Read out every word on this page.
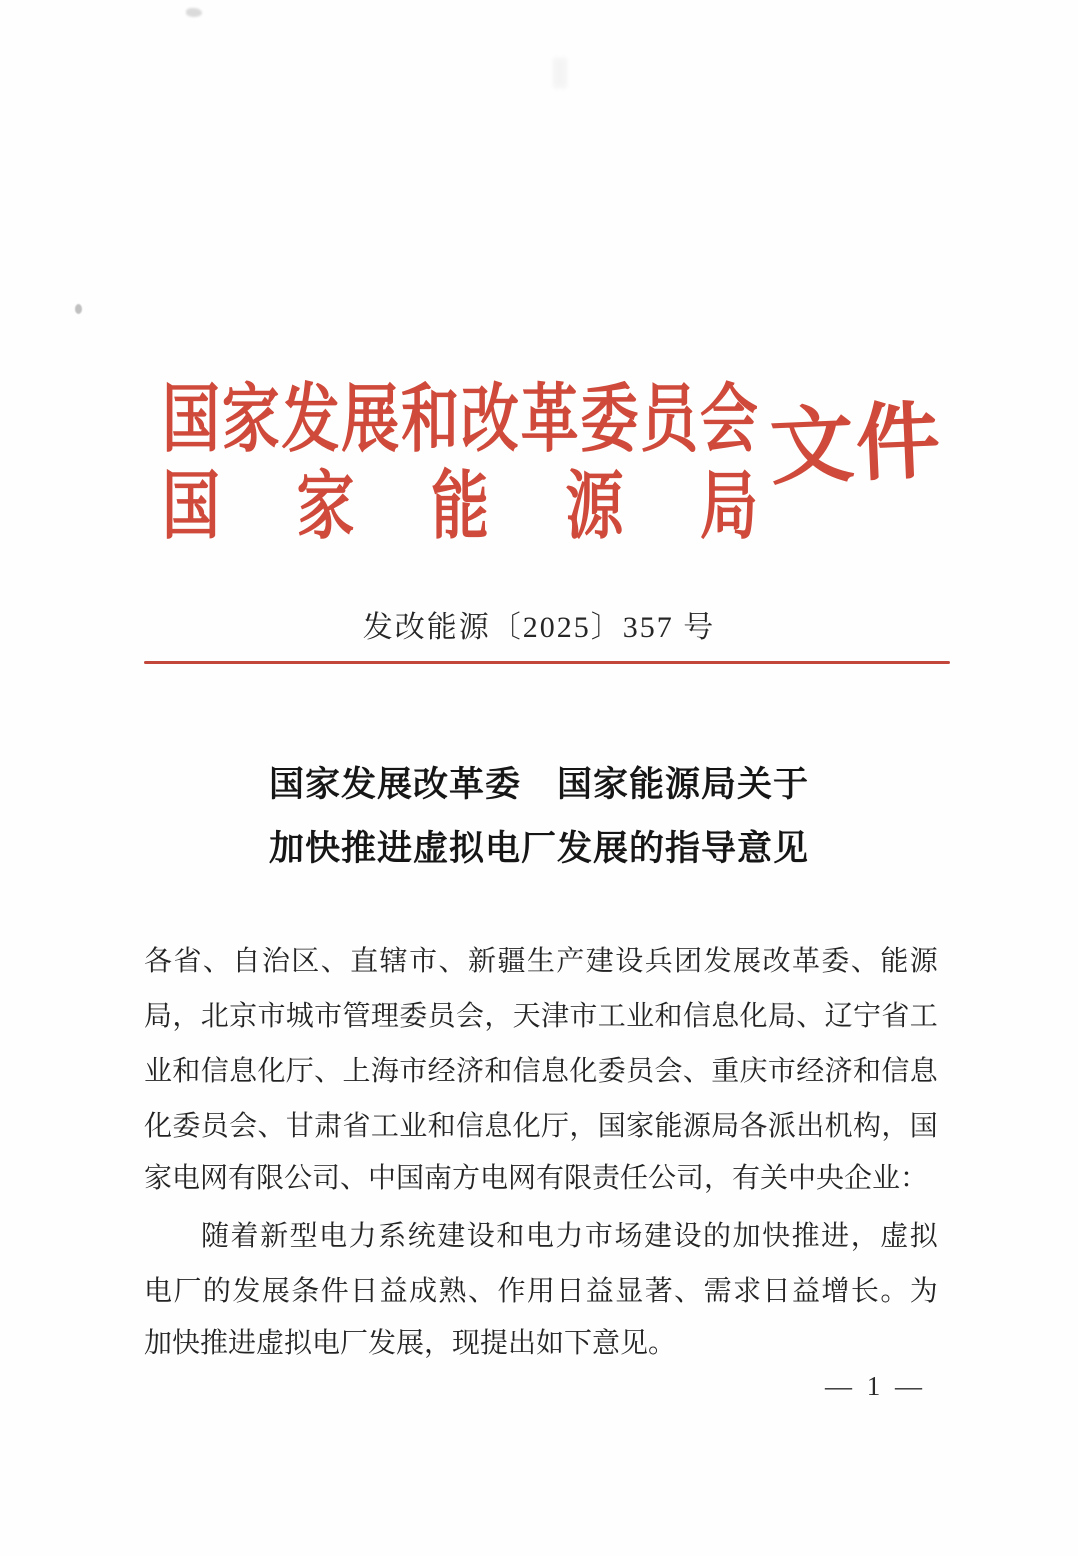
国 家 发 展 和 改 革 委 员 会
国 家 能 源 局
文件
发改能源〔2025〕357 号
国家发展改革委　国家能源局关于
加快推进虚拟电厂发展的指导意见
各 省 、 自 治 区 、 直 辖 市 、 新 疆 生 产 建 设 兵 团 发 展 改 革 委 、 能 源
局 ， 北 京 市 城 市 管 理 委 员 会 ， 天 津 市 工 业 和 信 息 化 局 、 辽 宁 省 工
业 和 信 息 化 厅 、 上 海 市 经 济 和 信 息 化 委 员 会 、 重 庆 市 经 济 和 信 息
化 委 员 会 、 甘 肃 省 工 业 和 信 息 化 厅 ， 国 家 能 源 局 各 派 出 机 构 ， 国
家电网有限公司、中国南方电网有限责任公司，有关中央企业：
随 着 新 型 电 力 系 统 建 设 和 电 力 市 场 建 设 的 加 快 推 进 ， 虚 拟
电 厂 的 发 展 条 件 日 益 成 熟 、 作 用 日 益 显 著 、 需 求 日 益 增 长 。 为
加快推进虚拟电厂发展，现提出如下意见。
— 1 —
